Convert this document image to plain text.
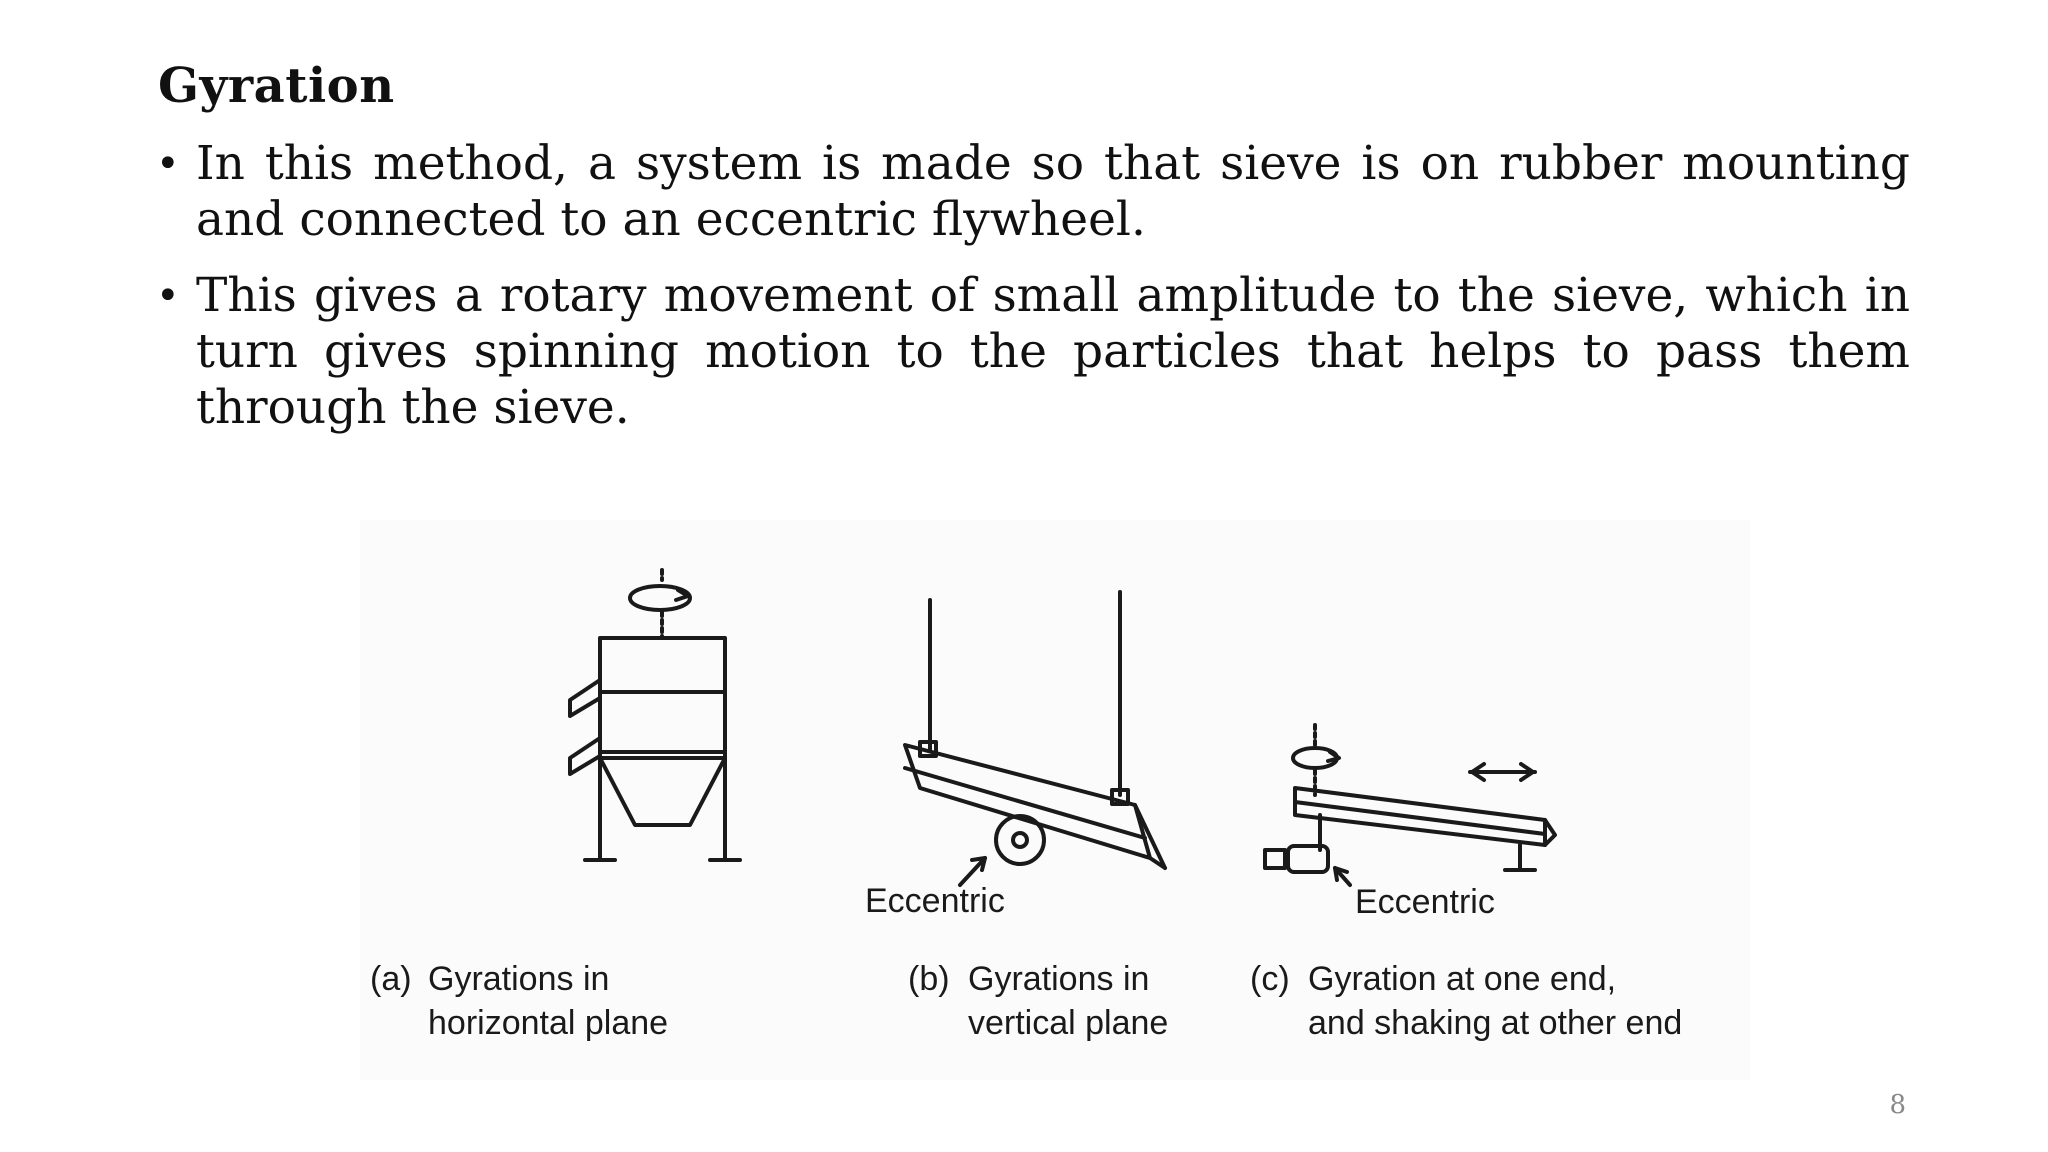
Gyration
• In this method, a system is made so that sieve is on rubber mounting and connected to an eccentric flywheel.
• This gives a rotary movement of small amplitude to the sieve, which in turn gives spinning motion to the particles that helps to pass them through the sieve.
Eccentric	Eccentric
(a) Gyrations in
horizontal plane
(b) Gyrations in
vertical plane
(c) Gyration at one end,
and shaking at other end
8
